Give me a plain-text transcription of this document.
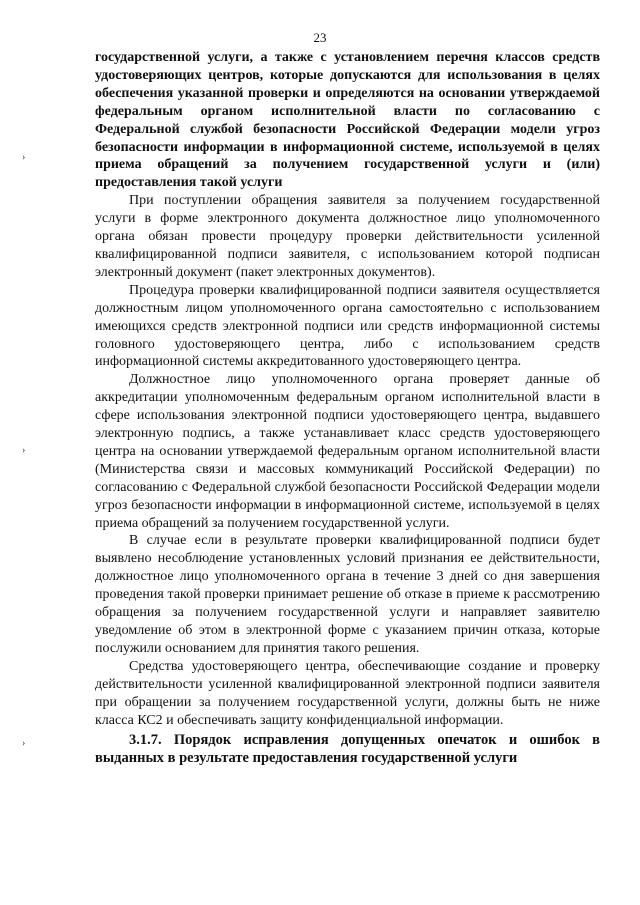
23
›
›
›

государственной услуги, а также с установлением перечня классов средств удостоверяющих центров, которые допускаются для использования в целях обеспечения указанной проверки и определяются на основании утверждаемой федеральным органом исполнительной власти по согласованию с Федеральной службой безопасности Российской Федерации модели угроз безопасности информации в информационной системе, используемой в целях приема обращений за получением государственной услуги и (или) предоставления такой услуги

При поступлении обращения заявителя за получением государственной услуги в форме электронного документа должностное лицо уполномоченного органа обязан провести процедуру проверки действительности усиленной квалифицированной подписи заявителя, с использованием которой подписан электронный документ (пакет электронных документов).

Процедура проверки квалифицированной подписи заявителя осуществляется должностным лицом уполномоченного органа самостоятельно с использованием имеющихся средств электронной подписи или средств информационной системы головного удостоверяющего центра, либо с использованием средств информационной системы аккредитованного удостоверяющего центра.

Должностное лицо уполномоченного органа проверяет данные об аккредитации уполномоченным федеральным органом исполнительной власти в сфере использования электронной подписи удостоверяющего центра, выдавшего электронную подпись, а также устанавливает класс средств удостоверяющего центра на основании утверждаемой федеральным органом исполнительной власти (Министерства связи и массовых коммуникаций Российской Федерации) по согласованию с Федеральной службой безопасности Российской Федерации модели угроз безопасности информации в информационной системе, используемой в целях приема обращений за получением государственной услуги.

В случае если в результате проверки квалифицированной подписи будет выявлено несоблюдение установленных условий признания ее действительности, должностное лицо уполномоченного органа в течение 3 дней со дня завершения проведения такой проверки принимает решение об отказе в приеме к рассмотрению обращения за получением государственной услуги и направляет заявителю уведомление об этом в электронной форме с указанием причин отказа, которые послужили основанием для принятия такого решения.

Средства удостоверяющего центра, обеспечивающие создание и проверку действительности усиленной квалифицированной электронной подписи заявителя при обращении за получением государственной услуги, должны быть не ниже класса КС2 и обеспечивать защиту конфиденциальной информации.

3.1.7. Порядок исправления допущенных опечаток и ошибок в выданных в результате предоставления государственной услуги
